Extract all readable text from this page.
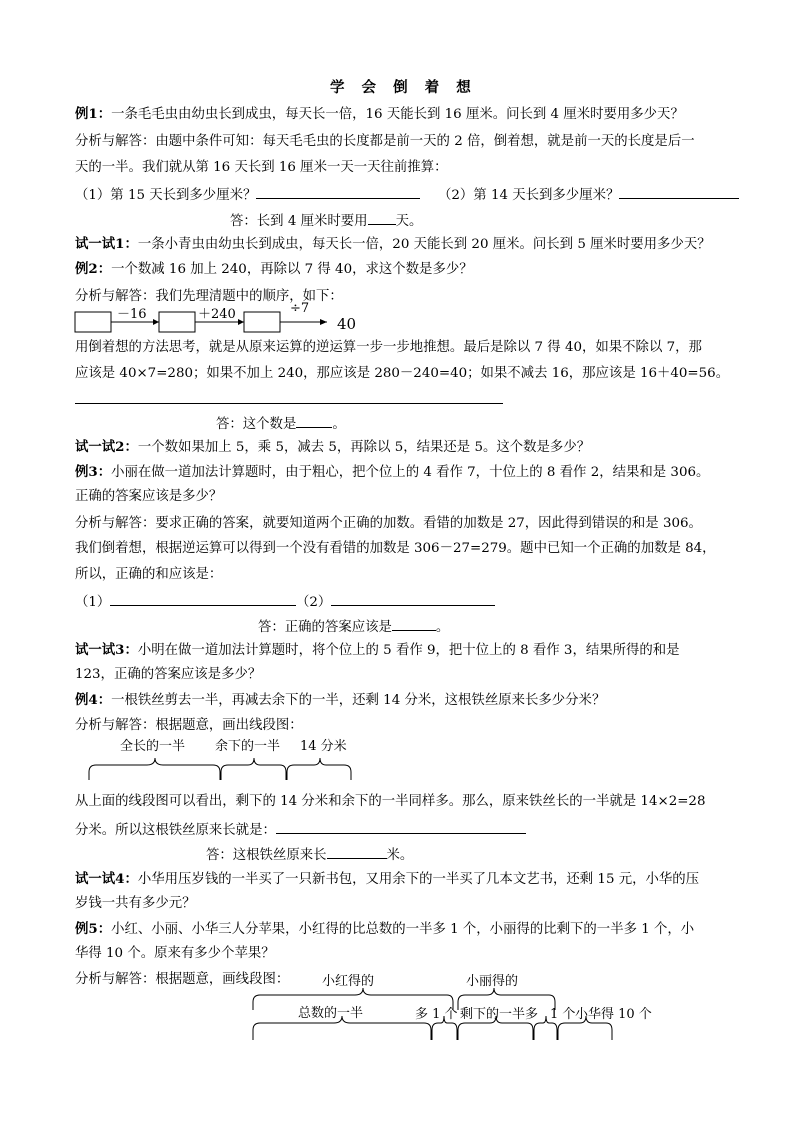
学 会 倒 着 想
例1：一条毛毛虫由幼虫长到成虫，每天长一倍，16 天能长到 16 厘米。问长到 4 厘米时要用多少天？
分析与解答：由题中条件可知：每天毛毛虫的长度都是前一天的 2 倍，倒着想，就是前一天的长度是后一
天的一半。我们就从第 16 天长到 16 厘米一天一天往前推算：
（1）第 15 天长到多少厘米？	（2）第 14 天长到多少厘米？
答：长到 4 厘米时要用 天。
试一试1：一条小青虫由幼虫长到成虫，每天长一倍，20 天能长到 20 厘米。问长到 5 厘米时要用多少天？
例2：一个数减 16 加上 240，再除以 7 得 40，求这个数是多少？
分析与解答：我们先理清题中的顺序，如下：
－16	＋240	÷7
40
用倒着想的方法思考，就是从原来运算的逆运算一步一步地推想。最后是除以 7 得 40，如果不除以 7，那
应该是 40×7=280；如果不加上 240，那应该是 280－240=40；如果不减去 16，那应该是 16＋40=56。
答：这个数是	。
试一试2：一个数如果加上 5，乘 5，减去 5，再除以 5，结果还是 5。这个数是多少？
例3：小丽在做一道加法计算题时，由于粗心，把个位上的 4 看作 7，十位上的 8 看作 2，结果和是 306。
正确的答案应该是多少？
分析与解答：要求正确的答案，就要知道两个正确的加数。看错的加数是 27，因此得到错误的和是 306。
我们倒着想，根据逆运算可以得到一个没有看错的加数是 306－27=279。题中已知一个正确的加数是 84，
所以，正确的和应该是：
（1）	（2）
答：正确的答案应该是	。
试一试3：小明在做一道加法计算题时，将个位上的 5 看作 9，把十位上的 8 看作 3，结果所得的和是
123，正确的答案应该是多少？
例4：一根铁丝剪去一半，再减去余下的一半，还剩 14 分米，这根铁丝原来长多少分米？
分析与解答：根据题意，画出线段图：
全长的一半 余下的一半 14 分米
从上面的线段图可以看出，剩下的 14 分米和余下的一半同样多。那么，原来铁丝长的一半就是 14×2=28
分米。所以这根铁丝原来长就是：
答：这根铁丝原来长	米。
试一试4：小华用压岁钱的一半买了一只新书包，又用余下的一半买了几本文艺书，还剩 15 元，小华的压
岁钱一共有多少元？
例5：小红、小丽、小华三人分苹果，小红得的比总数的一半多 1 个，小丽得的比剩下的一半多 1 个，小
华得 10 个。原来有多少个苹果？
分析与解答：根据题意，画线段图：	小红得的	小丽得的
总数的一半	多 1 个 剩下的一半多 1 个 小华得 10 个
